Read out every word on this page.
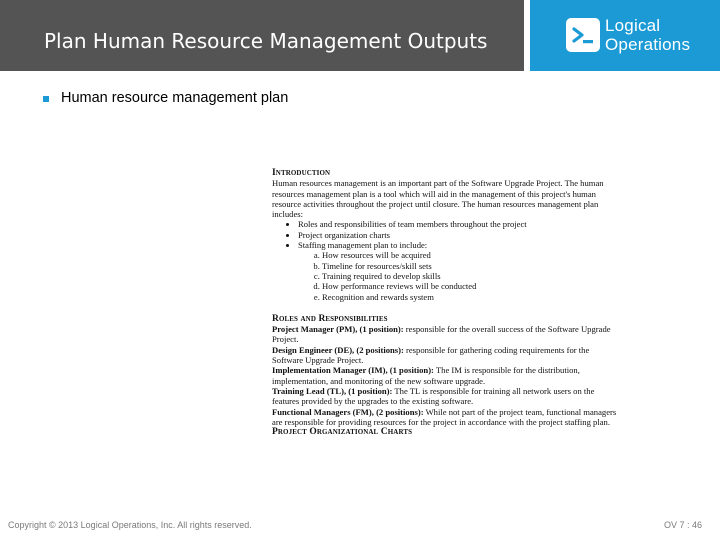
Plan Human Resource Management Outputs
Logical
Operations
Human resource management plan
Introduction

Human resources management is an important part of the Software Upgrade Project. The human

resources management plan is a tool which will aid in the management of this project's human

resource activities throughout the project until closure. The human resources management plan

includes:

• Roles and responsibilities of team members throughout the project
• Project organization charts
• Staffing management plan to include:
a. How resources will be acquired
b. Timeline for resources/skill sets
c. Training required to develop skills
d. How performance reviews will be conducted
e. Recognition and rewards system
Roles and Responsibilities

Project Manager (PM), (1 position): responsible for the overall success of the Software Upgrade Project.

Design Engineer (DE), (2 positions): responsible for gathering coding requirements for the Software Upgrade Project.

Implementation Manager (IM), (1 position): The IM is responsible for the distribution, implementation, and monitoring of the new software upgrade.

Training Lead (TL), (1 position): The TL is responsible for training all network users on the features provided by the upgrades to the existing software.

Functional Managers (FM), (2 positions): While not part of the project team, functional managers are responsible for providing resources for the project in accordance with the project staffing plan.

Project Organizational Charts
Copyright © 2013 Logical Operations, Inc. All rights reserved.	OV 7 : 46
